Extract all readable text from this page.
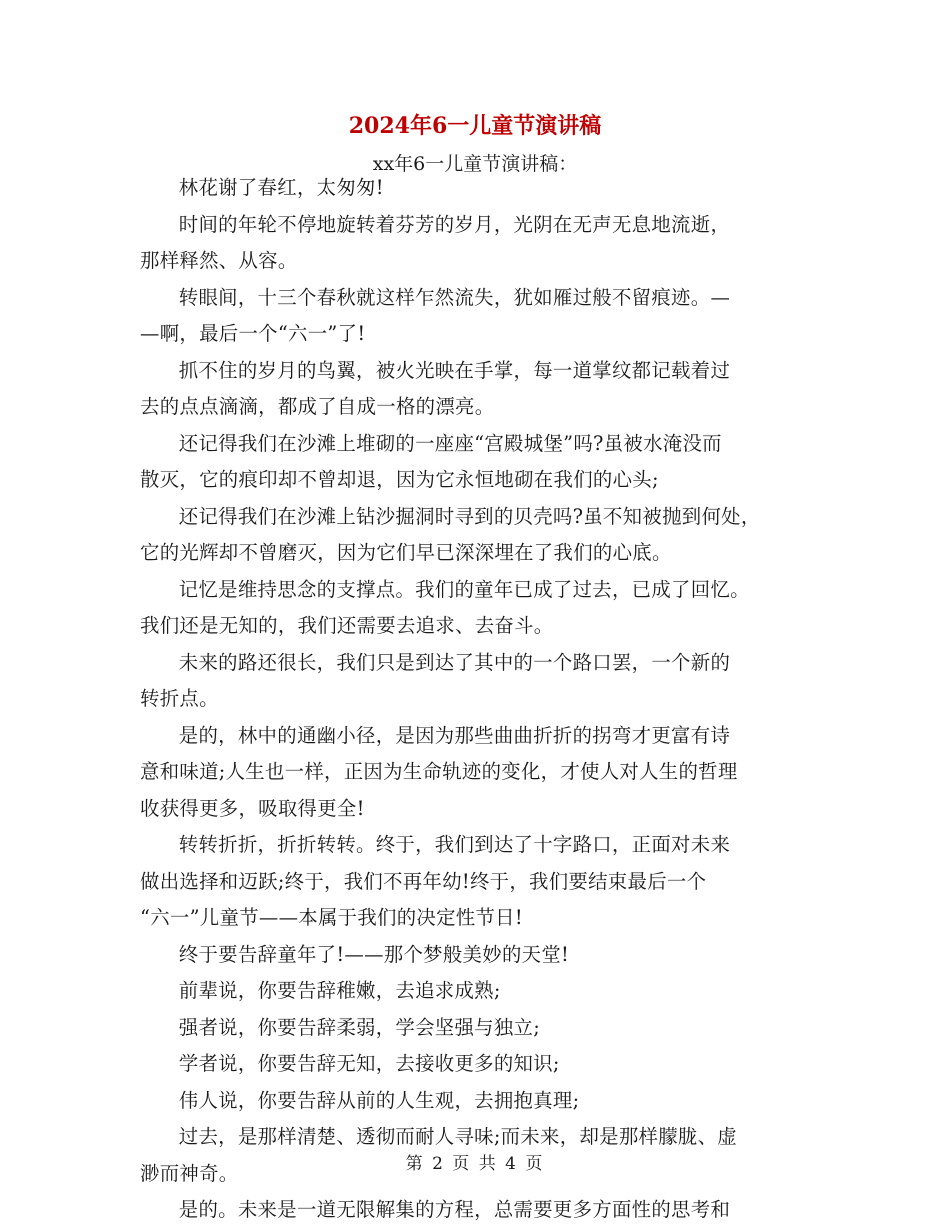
2024年6一儿童节演讲稿
xx年6一儿童节演讲稿：

林花谢了春红，太匆匆!

时间的年轮不停地旋转着芬芳的岁月，光阴在无声无息地流逝，
那样释然、从容。

转眼间，十三个春秋就这样乍然流失，犹如雁过般不留痕迹。—
—啊，最后一个“六一”了!

抓不住的岁月的鸟翼，被火光映在手掌，每一道掌纹都记载着过
去的点点滴滴，都成了自成一格的漂亮。

还记得我们在沙滩上堆砌的一座座“宫殿城堡”吗?虽被水淹没而
散灭，它的痕印却不曾却退，因为它永恒地砌在我们的心头;

还记得我们在沙滩上钻沙掘洞时寻到的贝壳吗?虽不知被抛到何处，
它的光辉却不曾磨灭，因为它们早已深深埋在了我们的心底。

记忆是维持思念的支撑点。我们的童年已成了过去，已成了回忆。
我们还是无知的，我们还需要去追求、去奋斗。

未来的路还很长，我们只是到达了其中的一个路口罢，一个新的
转折点。

是的，林中的通幽小径，是因为那些曲曲折折的拐弯才更富有诗
意和味道;人生也一样，正因为生命轨迹的变化，才使人对人生的哲理
收获得更多，吸取得更全!

转转折折，折折转转。终于，我们到达了十字路口，正面对未来
做出选择和迈跃;终于，我们不再年幼!终于，我们要结束最后一个
“六一”儿童节——本属于我们的决定性节日!

终于要告辞童年了!——那个梦般美妙的天堂!

前辈说，你要告辞稚嫩，去追求成熟;

强者说，你要告辞柔弱，学会坚强与独立;

学者说，你要告辞无知，去接收更多的知识;

伟人说，你要告辞从前的人生观，去拥抱真理;

过去，是那样清楚、透彻而耐人寻味;而未来，却是那样朦胧、虚
渺而神奇。

是的。未来是一道无限解集的方程，总需要更多方面性的思考和

第 2 页 共 4 页
